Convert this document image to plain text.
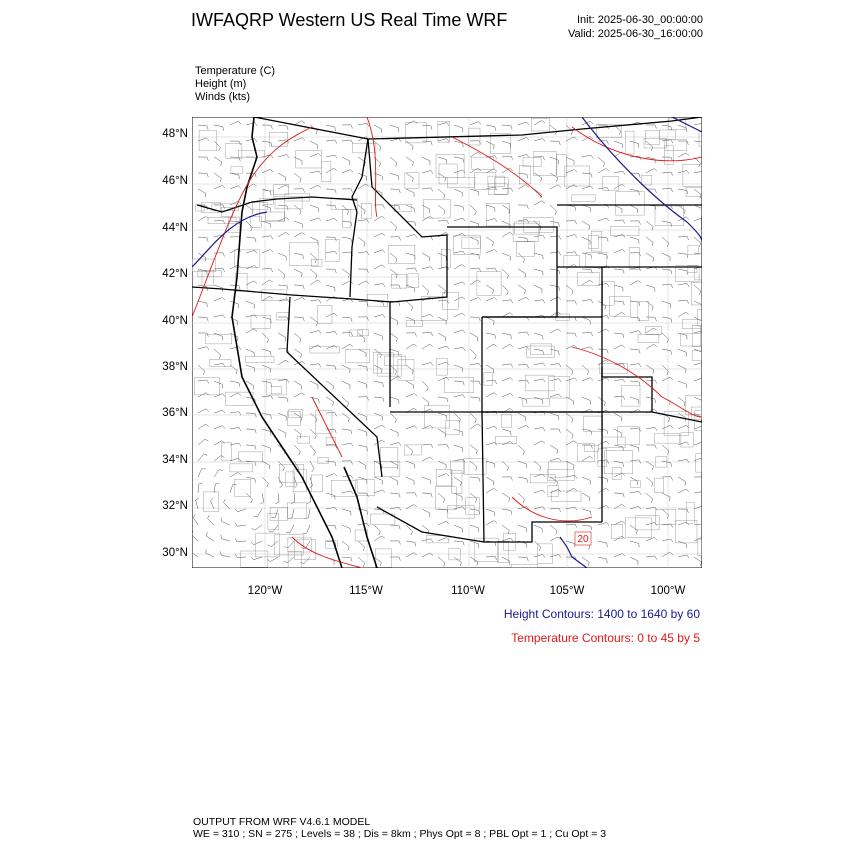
IWFAQRP Western US Real Time WRF	Init: 2025-06-30_00:00:00
Valid: 2025-06-30_16:00:00
Temperature (C)
Height (m)
Winds (kts)
48°N
46°N
44°N
42°N
40°N
38°N
36°N
34°N
32°N
30°N
120°W	115°W	110°W	105°W	100°W
20
Height Contours: 1400 to 1640 by 60
Temperature Contours: 0 to 45 by 5
OUTPUT FROM WRF V4.6.1 MODEL
WE = 310 ; SN = 275 ; Levels = 38 ; Dis = 8km ; Phys Opt = 8 ; PBL Opt = 1 ; Cu Opt = 3
